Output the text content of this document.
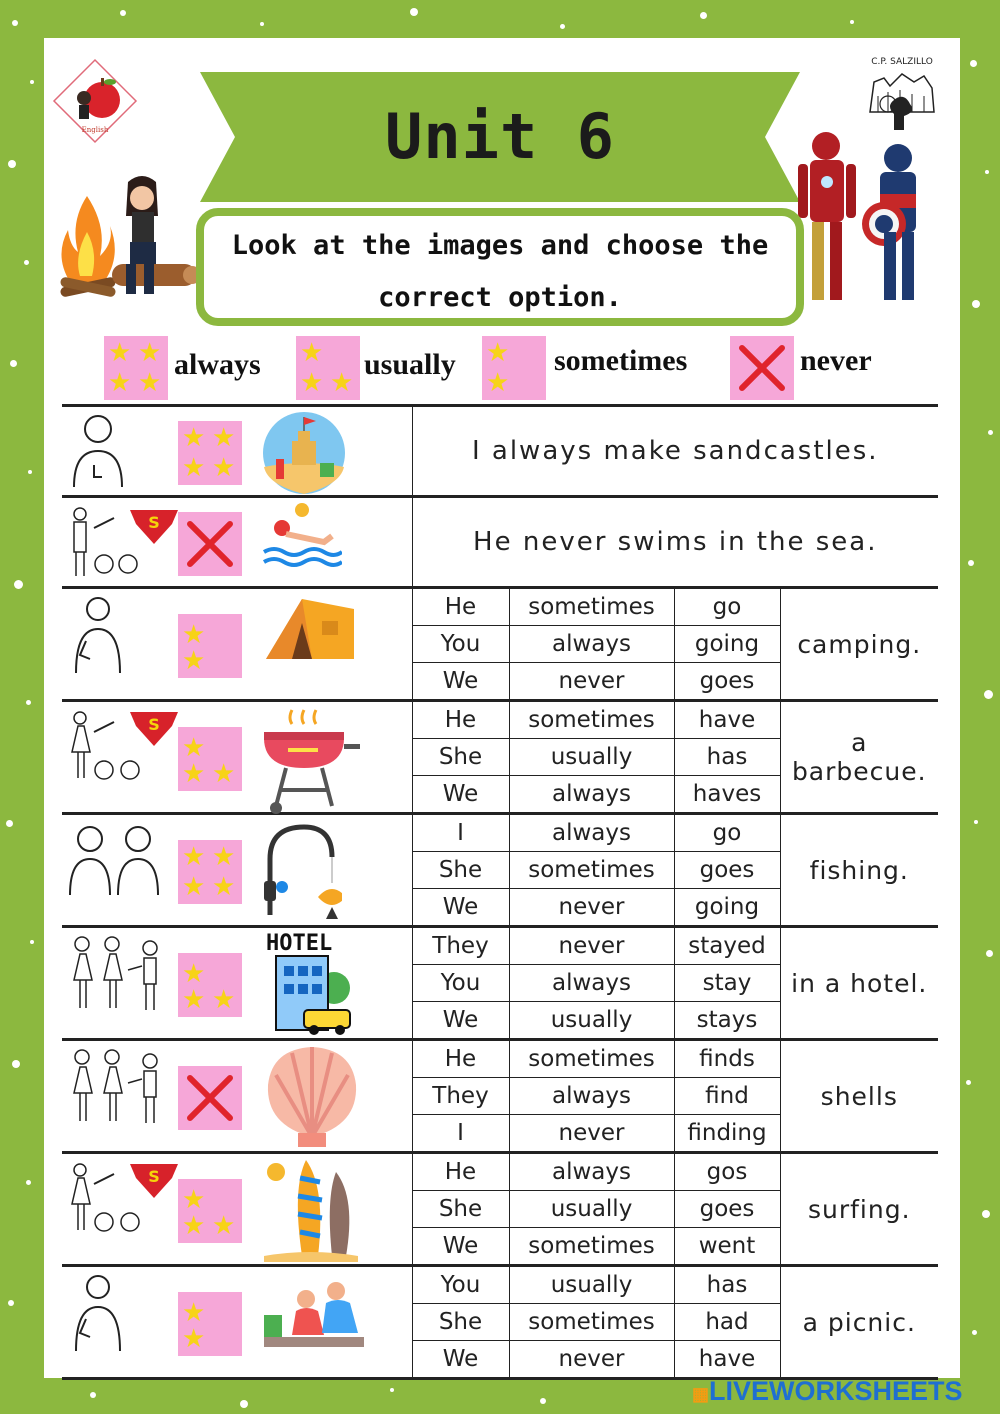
English
C.P. SALZILLO
Unit 6
Look at the images and choose the correct option.
★ ★
★ ★
always ★
★ ★
usually ★
★
sometimes	never
★ ★
★ ★	I always make sandcastles.			

S	He never swims in the sea.			

★
★	He	sometimes	go	camping.
	You	always	going	
	We	never	goes	

S
★
★ ★	He	sometimes	have	a barbecue.
	She	usually	has	
	We	always	haves	

★ ★
★ ★	I	always	go	fishing.
	She	sometimes	goes	
	We	never	going	

★
★ ★
HOTEL	They	never	stayed	in a hotel.
	You	always	stay	
	We	usually	stays	

	He	sometimes	finds	shells
	They	always	find	
	I	never	finding	

S
★
★ ★	He	always	gos	surfing.
	She	usually	goes	
	We	sometimes	went	

★
★	You	usually	has	a picnic.
	She	sometimes	had	
	We	never	have	

▦LIVEWORKSHEETS
